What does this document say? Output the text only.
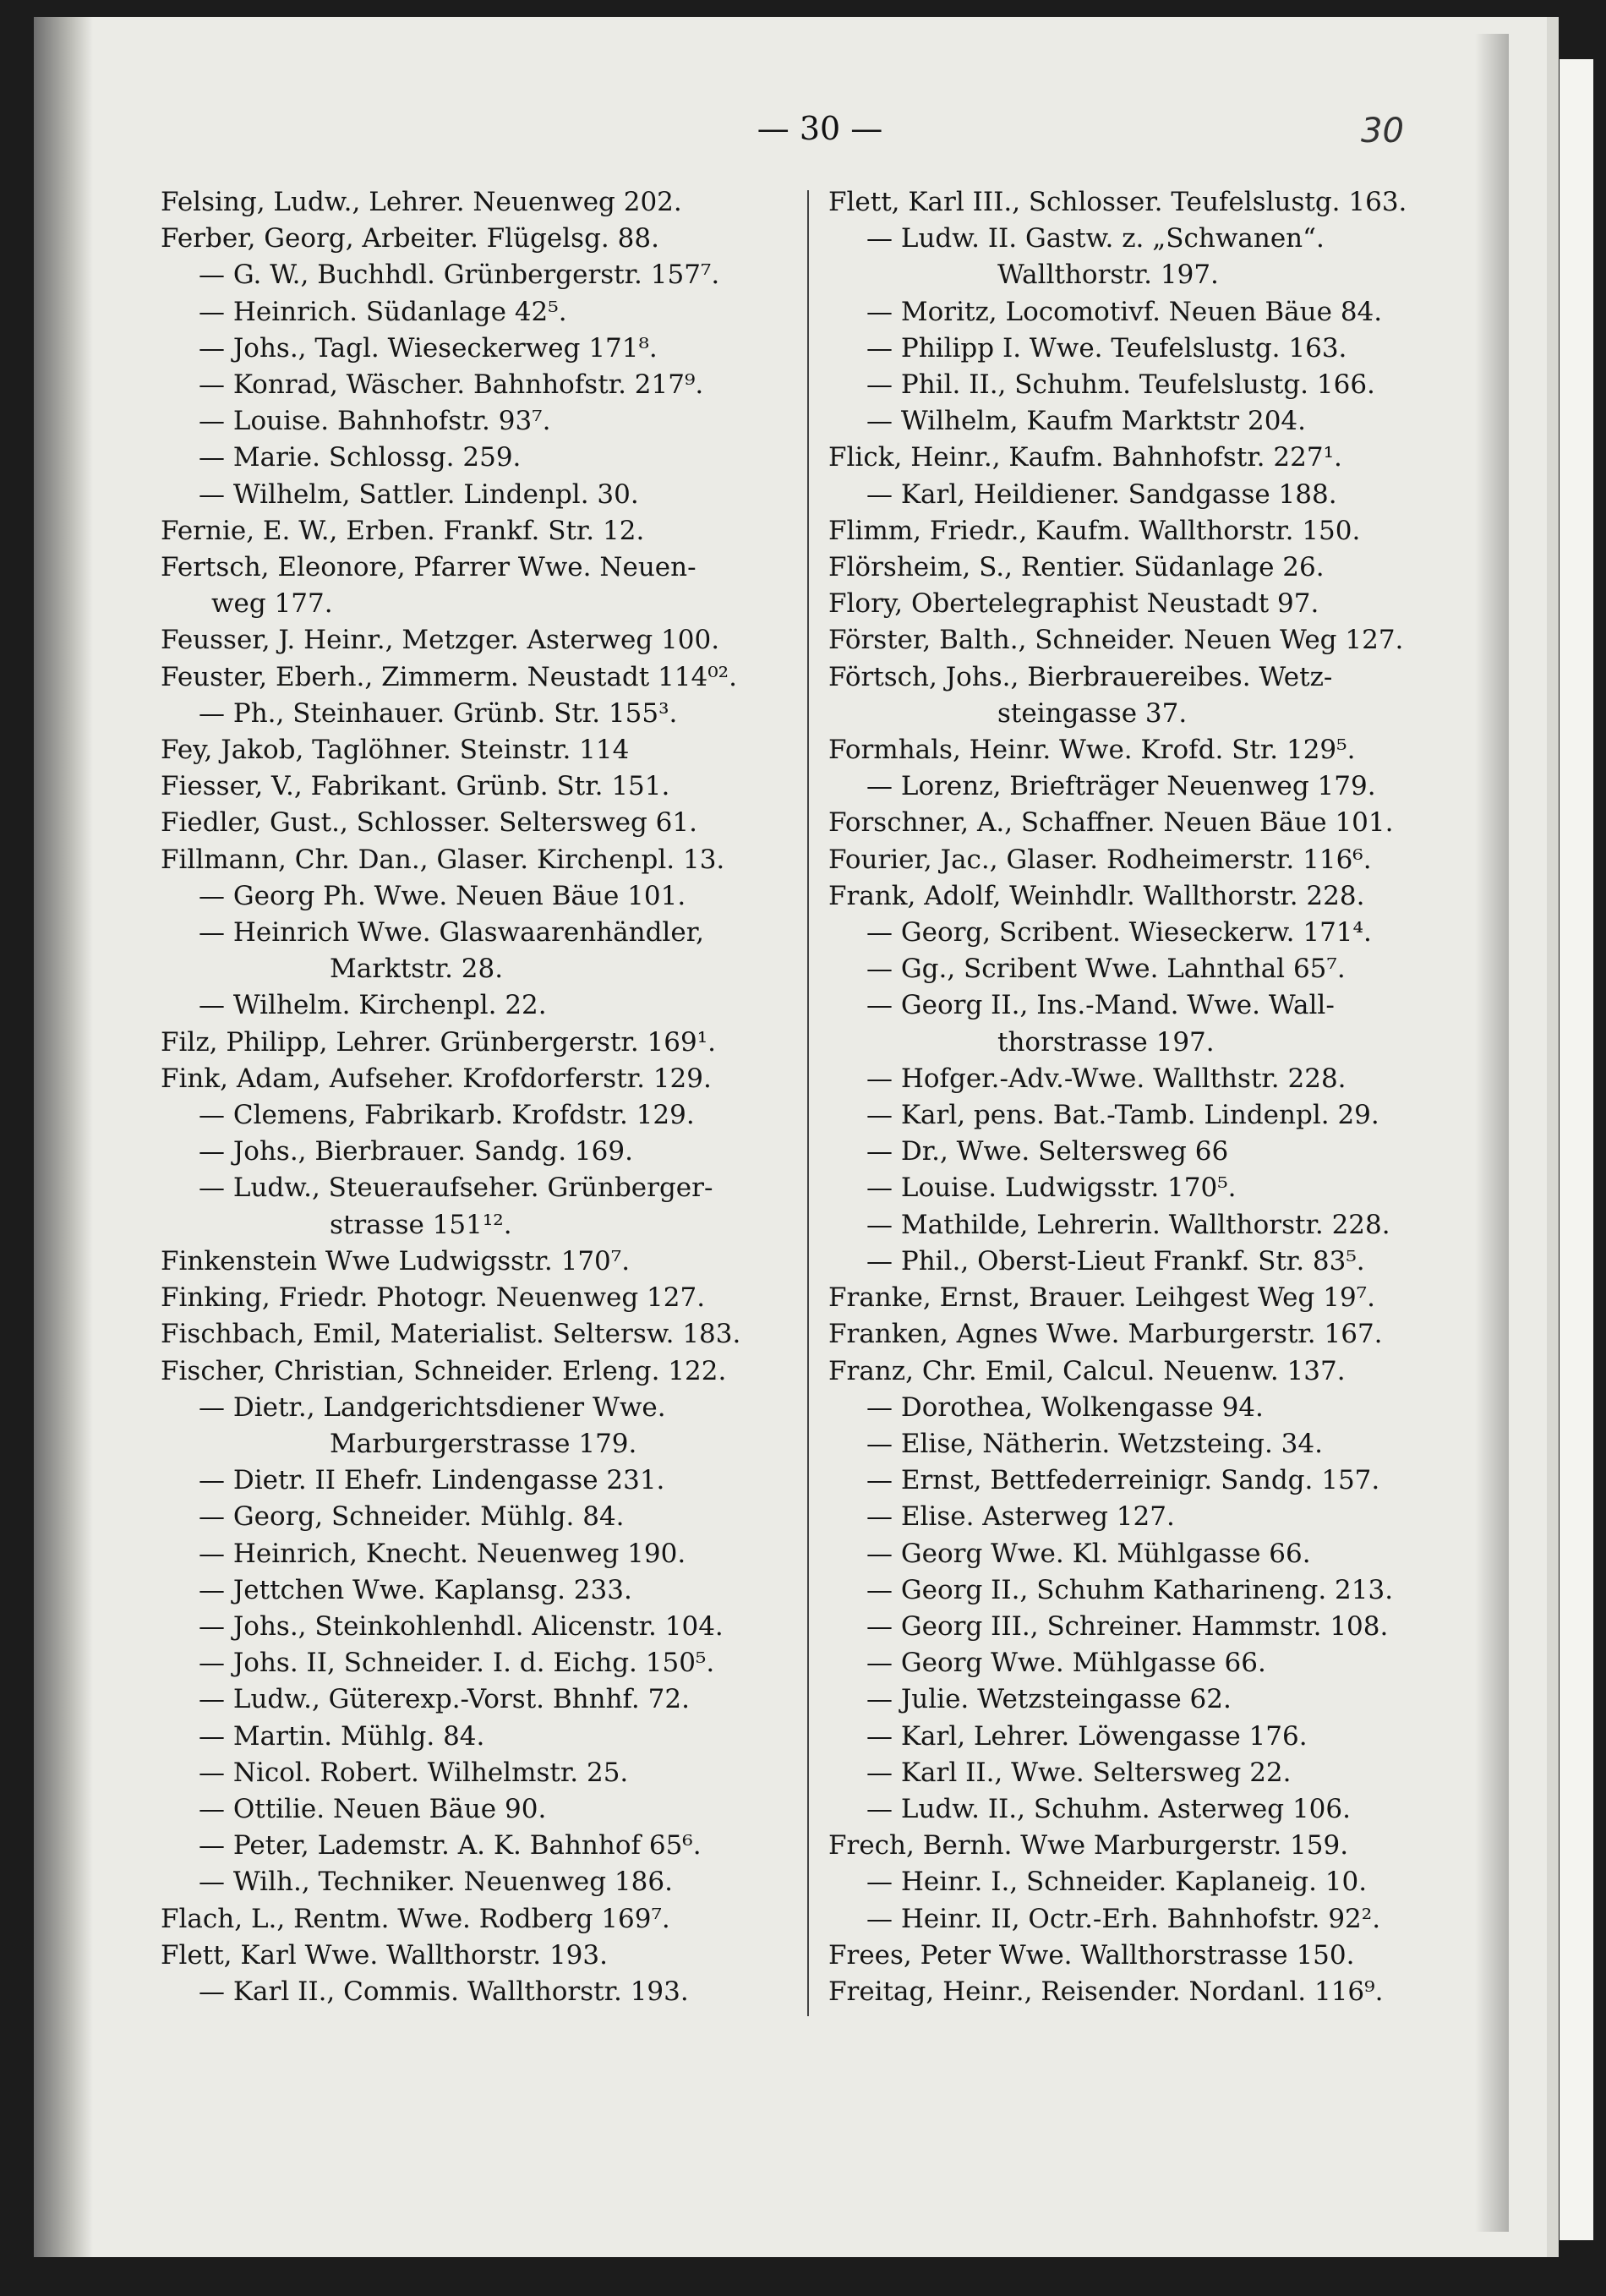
— 30 —	30
Felsing, Ludw., Lehrer. Neuenweg 202.
Ferber, Georg, Arbeiter. Flügelsg. 88.
— G. W., Buchhdl. Grünbergerstr. 157⁷.
— Heinrich. Südanlage 42⁵.
— Johs., Tagl. Wieseckerweg 171⁸.
— Konrad, Wäscher. Bahnhofstr. 217⁹.
— Louise. Bahnhofstr. 93⁷.
— Marie. Schlossg. 259.
— Wilhelm, Sattler. Lindenpl. 30.
Fernie, E. W., Erben. Frankf. Str. 12.
Fertsch, Eleonore, Pfarrer Wwe. Neuen-
weg 177.
Feusser, J. Heinr., Metzger. Asterweg 100.
Feuster, Eberh., Zimmerm. Neustadt 114⁰².
— Ph., Steinhauer. Grünb. Str. 155³.
Fey, Jakob, Taglöhner. Steinstr. 114
Fiesser, V., Fabrikant. Grünb. Str. 151.
Fiedler, Gust., Schlosser. Seltersweg 61.
Fillmann, Chr. Dan., Glaser. Kirchenpl. 13.
— Georg Ph. Wwe. Neuen Bäue 101.
— Heinrich Wwe. Glaswaarenhändler,
Marktstr. 28.
— Wilhelm. Kirchenpl. 22.
Filz, Philipp, Lehrer. Grünbergerstr. 169¹.
Fink, Adam, Aufseher. Krofdorferstr. 129.
— Clemens, Fabrikarb. Krofdstr. 129.
— Johs., Bierbrauer. Sandg. 169.
— Ludw., Steueraufseher. Grünberger-
strasse 151¹².
Finkenstein Wwe Ludwigsstr. 170⁷.
Finking, Friedr. Photogr. Neuenweg 127.
Fischbach, Emil, Materialist. Seltersw. 183.
Fischer, Christian, Schneider. Erleng. 122.
— Dietr., Landgerichtsdiener Wwe.
Marburgerstrasse 179.
— Dietr. II Ehefr. Lindengasse 231.
— Georg, Schneider. Mühlg. 84.
— Heinrich, Knecht. Neuenweg 190.
— Jettchen Wwe. Kaplansg. 233.
— Johs., Steinkohlenhdl. Alicenstr. 104.
— Johs. II, Schneider. I. d. Eichg. 150⁵.
— Ludw., Güterexp.-Vorst. Bhnhf. 72.
— Martin. Mühlg. 84.
— Nicol. Robert. Wilhelmstr. 25.
— Ottilie. Neuen Bäue 90.
— Peter, Lademstr. A. K. Bahnhof 65⁶.
— Wilh., Techniker. Neuenweg 186.
Flach, L., Rentm. Wwe. Rodberg 169⁷.
Flett, Karl Wwe. Wallthorstr. 193.
— Karl II., Commis. Wallthorstr. 193.
Flett, Karl III., Schlosser. Teufelslustg. 163.
— Ludw. II. Gastw. z. „Schwanen“.
Wallthorstr. 197.
— Moritz, Locomotivf. Neuen Bäue 84.
— Philipp I. Wwe. Teufelslustg. 163.
— Phil. II., Schuhm. Teufelslustg. 166.
— Wilhelm, Kaufm Marktstr 204.
Flick, Heinr., Kaufm. Bahnhofstr. 227¹.
— Karl, Heildiener. Sandgasse 188.
Flimm, Friedr., Kaufm. Wallthorstr. 150.
Flörsheim, S., Rentier. Südanlage 26.
Flory, Obertelegraphist Neustadt 97.
Förster, Balth., Schneider. Neuen Weg 127.
Förtsch, Johs., Bierbrauereibes. Wetz-
steingasse 37.
Formhals, Heinr. Wwe. Krofd. Str. 129⁵.
— Lorenz, Briefträger Neuenweg 179.
Forschner, A., Schaffner. Neuen Bäue 101.
Fourier, Jac., Glaser. Rodheimerstr. 116⁶.
Frank, Adolf, Weinhdlr. Wallthorstr. 228.
— Georg, Scribent. Wieseckerw. 171⁴.
— Gg., Scribent Wwe. Lahnthal 65⁷.
— Georg II., Ins.-Mand. Wwe. Wall-
thorstrasse 197.
— Hofger.-Adv.-Wwe. Wallthstr. 228.
— Karl, pens. Bat.-Tamb. Lindenpl. 29.
— Dr., Wwe. Seltersweg 66
— Louise. Ludwigsstr. 170⁵.
— Mathilde, Lehrerin. Wallthorstr. 228.
— Phil., Oberst-Lieut Frankf. Str. 83⁵.
Franke, Ernst, Brauer. Leihgest Weg 19⁷.
Franken, Agnes Wwe. Marburgerstr. 167.
Franz, Chr. Emil, Calcul. Neuenw. 137.
— Dorothea, Wolkengasse 94.
— Elise, Nätherin. Wetzsteing. 34.
— Ernst, Bettfederreinigr. Sandg. 157.
— Elise. Asterweg 127.
— Georg Wwe. Kl. Mühlgasse 66.
— Georg II., Schuhm Katharineng. 213.
— Georg III., Schreiner. Hammstr. 108.
— Georg Wwe. Mühlgasse 66.
— Julie. Wetzsteingasse 62.
— Karl, Lehrer. Löwengasse 176.
— Karl II., Wwe. Seltersweg 22.
— Ludw. II., Schuhm. Asterweg 106.
Frech, Bernh. Wwe Marburgerstr. 159.
— Heinr. I., Schneider. Kaplaneig. 10.
— Heinr. II, Octr.-Erh. Bahnhofstr. 92².
Frees, Peter Wwe. Wallthorstrasse 150.
Freitag, Heinr., Reisender. Nordanl. 116⁹.
